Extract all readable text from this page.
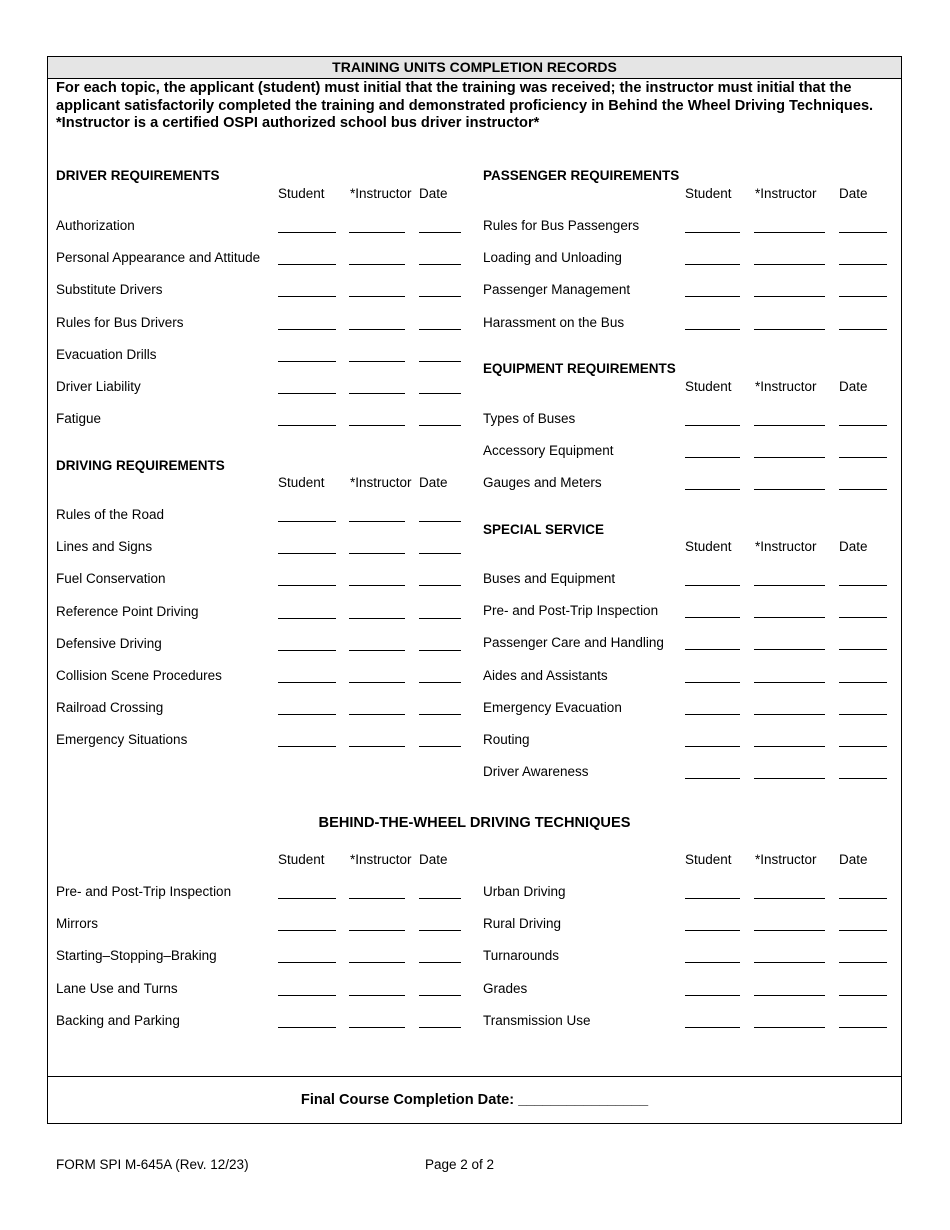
TRAINING UNITS COMPLETION RECORDS

For each topic, the applicant (student) must initial that the training was received; the instructor must initial that the applicant satisfactorily completed the training and demonstrated proficiency in Behind the Wheel Driving Techniques.

*Instructor is a certified OSPI authorized school bus driver instructor*

DRIVER REQUIREMENTS
Student *Instructor Date
Authorization
Personal Appearance and Attitude
Substitute Drivers
Rules for Bus Drivers
Evacuation Drills
Driver Liability
Fatigue
DRIVING REQUIREMENTS
Student *Instructor Date
Rules of the Road
Lines and Signs
Fuel Conservation
Reference Point Driving
Defensive Driving
Collision Scene Procedures
Railroad Crossing
Emergency Situations
PASSENGER REQUIREMENTS
Student *Instructor Date
Rules for Bus Passengers
Loading and Unloading
Passenger Management
Harassment on the Bus
EQUIPMENT REQUIREMENTS
Student *Instructor Date
Types of Buses
Accessory Equipment
Gauges and Meters
SPECIAL SERVICE
Student *Instructor Date
Buses and Equipment
Pre- and Post-Trip Inspection
Passenger Care and Handling
Aides and Assistants
Emergency Evacuation
Routing
Driver Awareness
Student *Instructor Date
Pre- and Post-Trip Inspection
Mirrors
Starting–Stopping–Braking
Lane Use and Turns
Backing and Parking
Student *Instructor Date
Urban Driving
Rural Driving
Turnarounds
Grades
Transmission Use
BEHIND-THE-WHEEL DRIVING TECHNIQUES
Final Course Completion Date: ________________
FORM SPI M-645A (Rev. 12/23)	Page 2 of 2
